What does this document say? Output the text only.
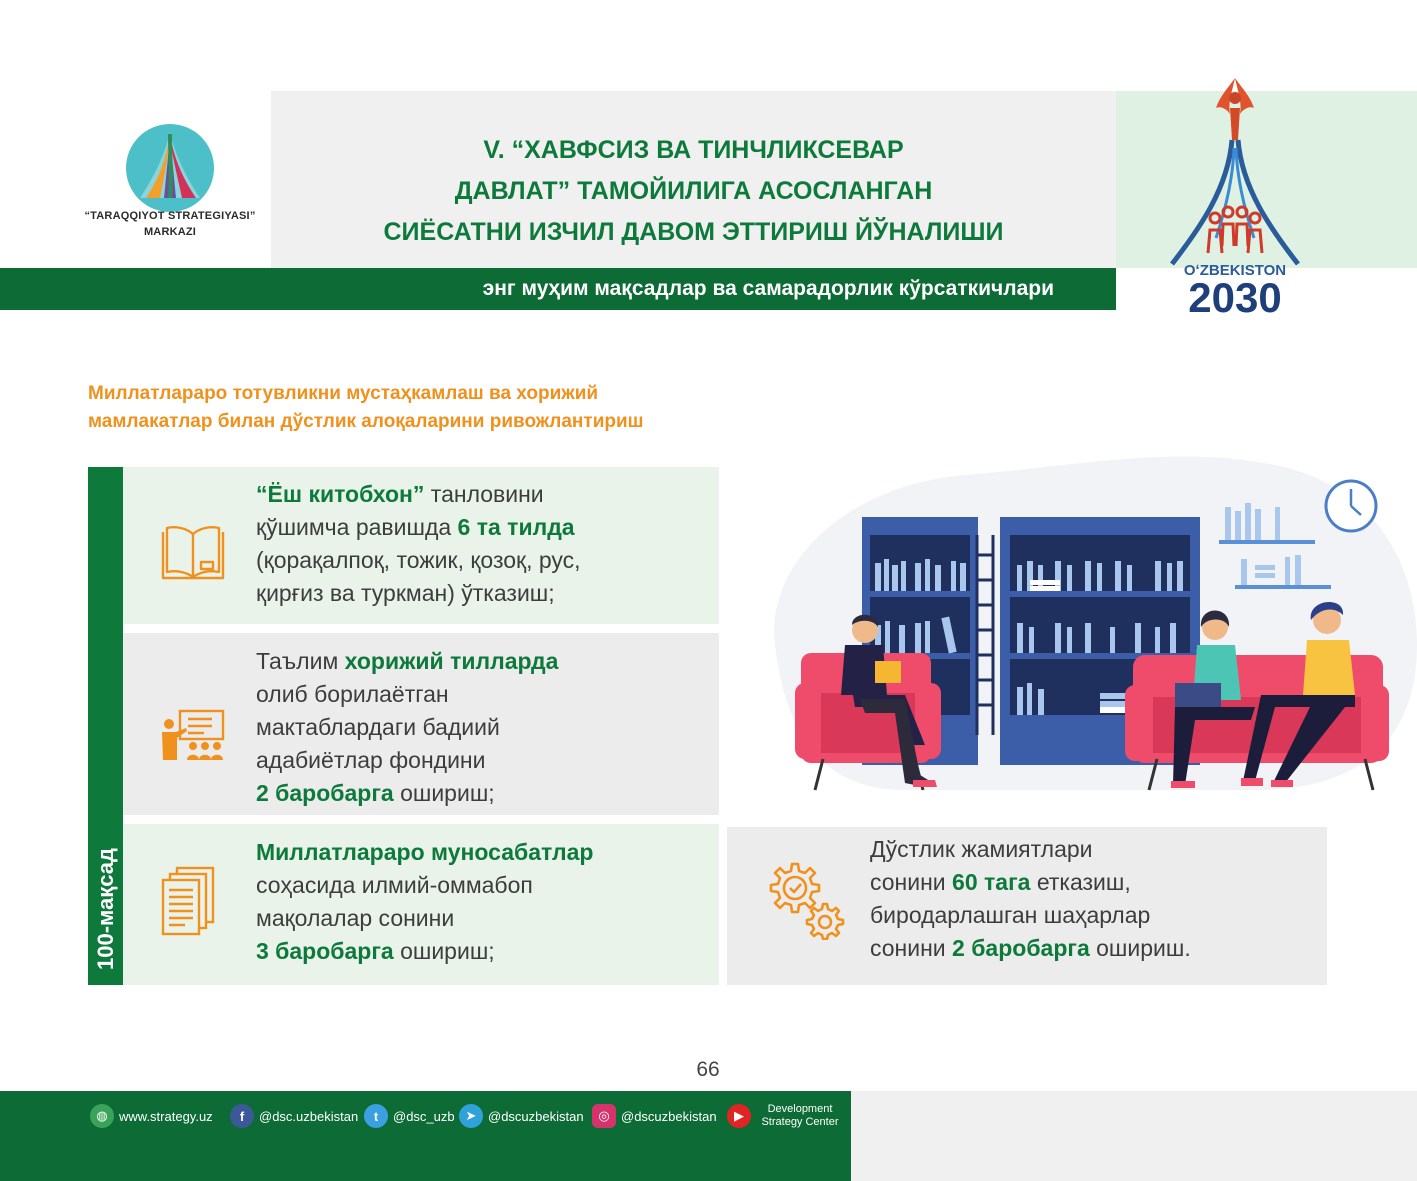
“TARAQQIYOT STRATEGIYASI”
MARKAZI
V. “ХАВФСИЗ ВА ТИНЧЛИКСЕВАР
ДАВЛАТ” ТАМОЙИЛИГА АСОСЛАНГАН
СИЁСАТНИ ИЗЧИЛ ДАВОМ ЭТТИРИШ ЙЎНАЛИШИ
OʻZBEKISTON
2030
энг муҳим мақсадлар ва самарадорлик кўрсаткичлари
Миллатлараро тотувликни мустаҳкамлаш ва хорижий
мамлакатлар билан дўстлик алоқаларини ривожлантириш
100-мақсад
“Ёш китобхон” танловини
қўшимча равишда 6 та тилда
(қорақалпоқ, тожик, қозоқ, рус,
қирғиз ва туркман) ўтказиш;
Таълим хорижий тилларда
олиб борилаётган
мактаблардаги бадиий
адабиётлар фондини
2 баробарга ошириш;
Миллатлараро муносабатлар
соҳасида илмий-оммабоп
мақолалар сонини
3 баробарга ошириш;
Дўстлик жамиятлари
сонини 60 тага етказиш,
биродарлашган шаҳарлар
сонини 2 баробарга ошириш.
66
◍ www.strategy.uz	f	@dsc.uzbekistan	t	@dsc_uzb ➤ @dscuzbekistan	◎ @dscuzbekistan	▶	Development
Strategy Center
